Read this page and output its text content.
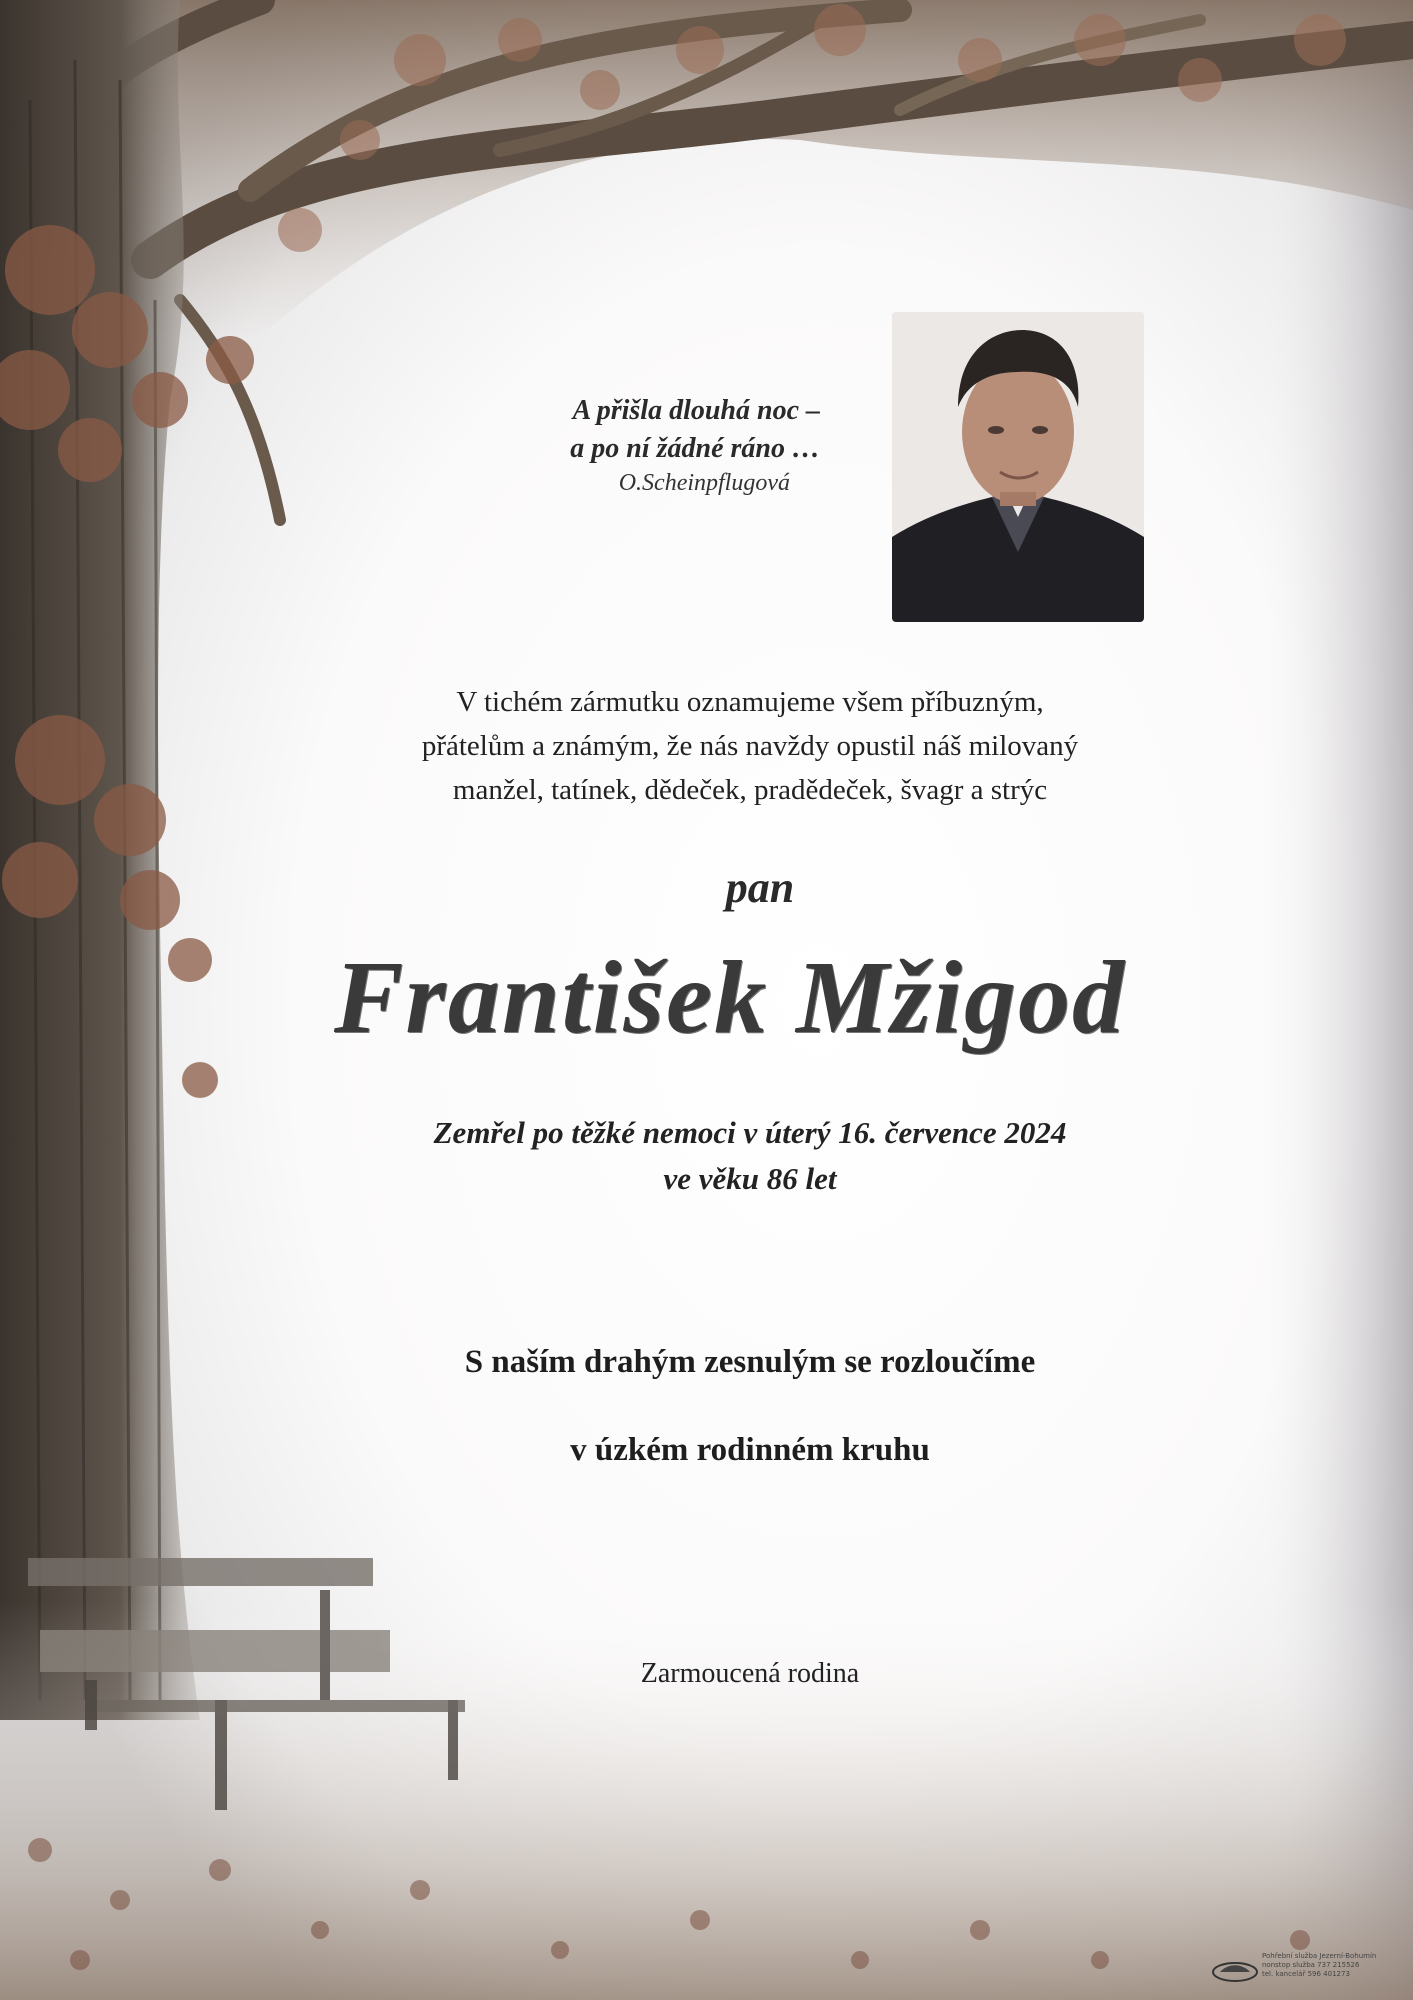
A přišla dlouhá noc –
a po ní žádné ráno …
O.Scheinpflugová
V tichém zármutku oznamujeme všem příbuzným,
přátelům a známým, že nás navždy opustil náš milovaný
manžel, tatínek, dědeček, pradědeček, švagr a strýc
pan
František Mžigod
Zemřel po těžké nemoci v úterý 16. července 2024
ve věku 86 let
S naším drahým zesnulým se rozloučíme
v úzkém rodinném kruhu
Zarmoucená rodina
Pohřební služba Jezerní-Bohumín
nonstop služba 737 215526
tel. kancelář 596 401273
